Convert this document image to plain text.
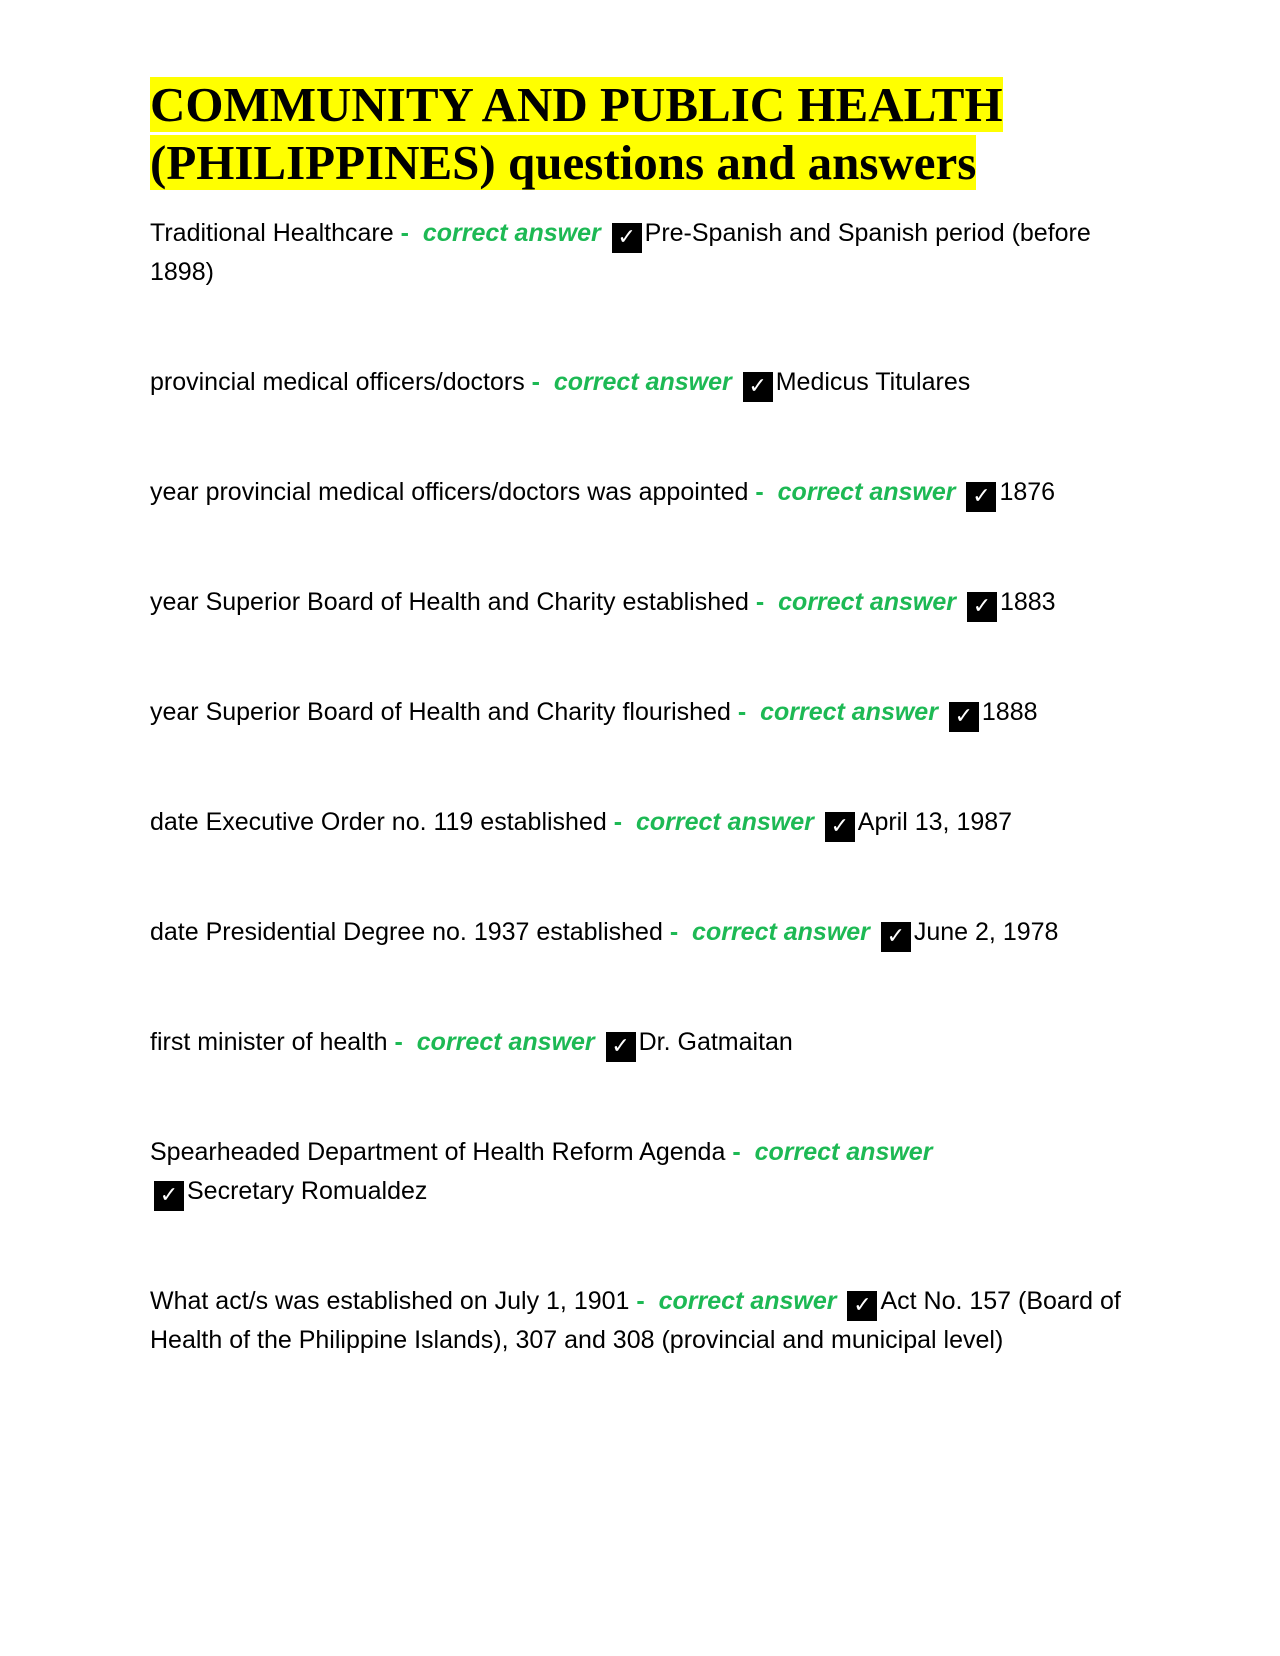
COMMUNITY AND PUBLIC HEALTH
(PHILIPPINES) questions and answers

Traditional Healthcare - correct answer ✓ Pre-Spanish and Spanish period (before 1898)

provincial medical officers/doctors - correct answer ✓ Medicus Titulares

year provincial medical officers/doctors was appointed - correct answer ✓ 1876

year Superior Board of Health and Charity established - correct answer ✓ 1883

year Superior Board of Health and Charity flourished - correct answer ✓ 1888

date Executive Order no. 119 established - correct answer ✓ April 13, 1987

date Presidential Degree no. 1937 established - correct answer ✓ June 2, 1978

first minister of health - correct answer ✓ Dr. Gatmaitan

Spearheaded Department of Health Reform Agenda - correct answer
✓ Secretary Romualdez

What act/s was established on July 1, 1901 - correct answer ✓ Act No. 157 (Board of Health of the Philippine Islands), 307 and 308 (provincial and municipal level)
